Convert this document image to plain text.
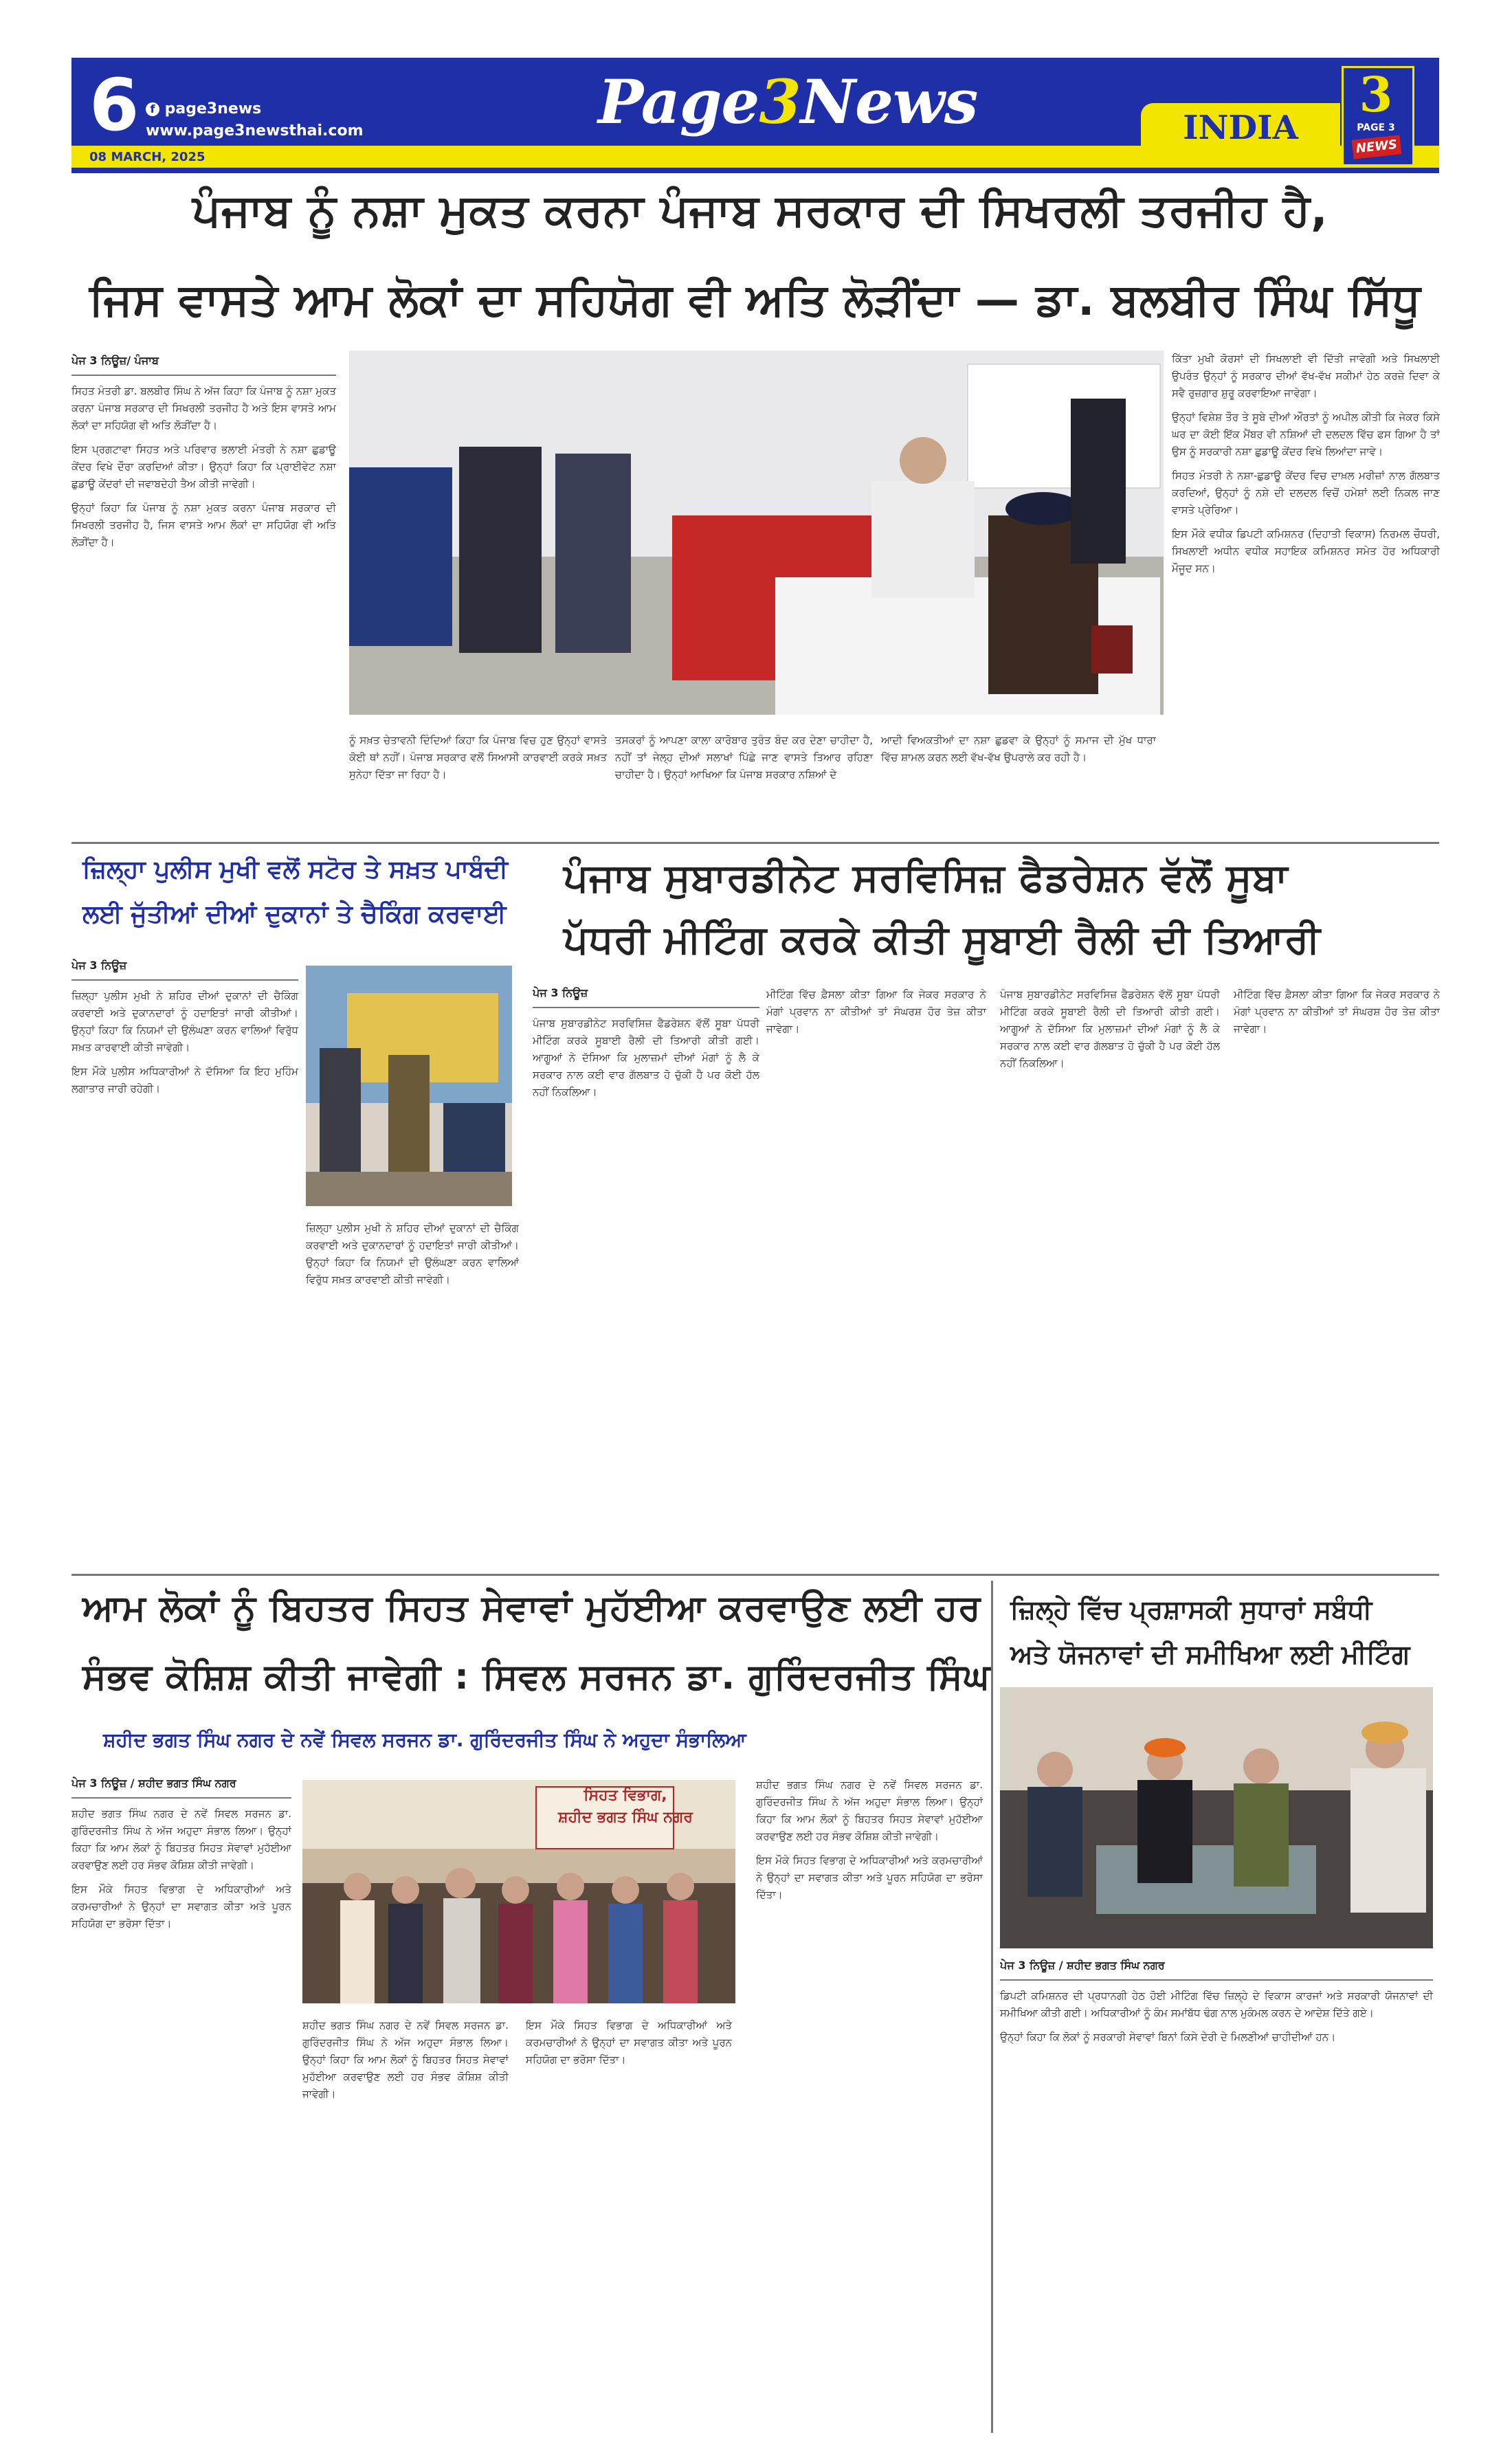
INDIA
6	f page3news
www.page3newsthai.com
08 MARCH, 2025
Page3News	3
PAGE 3
NEWS
ਪੰਜਾਬ ਨੂੰ ਨਸ਼ਾ ਮੁਕਤ ਕਰਨਾ ਪੰਜਾਬ ਸਰਕਾਰ ਦੀ ਸਿਖਰਲੀ ਤਰਜੀਹ ਹੈ,
ਜਿਸ ਵਾਸਤੇ ਆਮ ਲੋਕਾਂ ਦਾ ਸਹਿਯੋਗ ਵੀ ਅਤਿ ਲੋੜੀਂਦਾ — ਡਾ. ਬਲਬੀਰ ਸਿੰਘ ਸਿੱਧੂ
ਪੇਜ 3 ਨਿਊਜ਼/ ਪੰਜਾਬ

ਸਿਹਤ ਮੰਤਰੀ ਡਾ. ਬਲਬੀਰ ਸਿੰਘ ਨੇ ਅੱਜ ਕਿਹਾ ਕਿ ਪੰਜਾਬ ਨੂੰ ਨਸ਼ਾ ਮੁਕਤ ਕਰਨਾ ਪੰਜਾਬ ਸਰਕਾਰ ਦੀ ਸਿਖਰਲੀ ਤਰਜੀਹ ਹੈ ਅਤੇ ਇਸ ਵਾਸਤੇ ਆਮ ਲੋਕਾਂ ਦਾ ਸਹਿਯੋਗ ਵੀ ਅਤਿ ਲੋੜੀਂਦਾ ਹੈ।

ਇਸ ਪ੍ਰਗਟਾਵਾ ਸਿਹਤ ਅਤੇ ਪਰਿਵਾਰ ਭਲਾਈ ਮੰਤਰੀ ਨੇ ਨਸ਼ਾ ਛੁਡਾਊ ਕੇਂਦਰ ਵਿਖੇ ਦੌਰਾ ਕਰਦਿਆਂ ਕੀਤਾ। ਉਨ੍ਹਾਂ ਕਿਹਾ ਕਿ ਪ੍ਰਾਈਵੇਟ ਨਸ਼ਾ ਛੁਡਾਊ ਕੇਂਦਰਾਂ ਦੀ ਜਵਾਬਦੇਹੀ ਤੈਅ ਕੀਤੀ ਜਾਵੇਗੀ।

ਉਨ੍ਹਾਂ ਕਿਹਾ ਕਿ ਪੰਜਾਬ ਨੂੰ ਨਸ਼ਾ ਮੁਕਤ ਕਰਨਾ ਪੰਜਾਬ ਸਰਕਾਰ ਦੀ ਸਿਖਰਲੀ ਤਰਜੀਹ ਹੈ, ਜਿਸ ਵਾਸਤੇ ਆਮ ਲੋਕਾਂ ਦਾ ਸਹਿਯੋਗ ਵੀ ਅਤਿ ਲੋੜੀਂਦਾ ਹੈ।

ਨੂੰ ਸਖ਼ਤ ਚੇਤਾਵਨੀ ਦਿੰਦਿਆਂ ਕਿਹਾ ਕਿ ਪੰਜਾਬ ਵਿਚ ਹੁਣ ਉਨ੍ਹਾਂ ਵਾਸਤੇ ਕੋਈ ਥਾਂ ਨਹੀਂ। ਪੰਜਾਬ ਸਰਕਾਰ ਵਲੋਂ ਸਿਆਸੀ ਕਾਰਵਾਈ ਕਰਕੇ ਸਖ਼ਤ ਸੁਨੇਹਾ ਦਿੱਤਾ ਜਾ ਰਿਹਾ ਹੈ।

ਤਸਕਰਾਂ ਨੂੰ ਆਪਣਾ ਕਾਲਾ ਕਾਰੋਬਾਰ ਤੁਰੰਤ ਬੰਦ ਕਰ ਦੇਣਾ ਚਾਹੀਦਾ ਹੈ, ਨਹੀਂ ਤਾਂ ਜੇਲ੍ਹ ਦੀਆਂ ਸਲਾਖਾਂ ਪਿੱਛੇ ਜਾਣ ਵਾਸਤੇ ਤਿਆਰ ਰਹਿਣਾ ਚਾਹੀਦਾ ਹੈ। ਉਨ੍ਹਾਂ ਆਖਿਆ ਕਿ ਪੰਜਾਬ ਸਰਕਾਰ ਨਸ਼ਿਆਂ ਦੇ

ਆਦੀ ਵਿਅਕਤੀਆਂ ਦਾ ਨਸ਼ਾ ਛੁਡਵਾ ਕੇ ਉਨ੍ਹਾਂ ਨੂੰ ਸਮਾਜ ਦੀ ਮੁੱਖ ਧਾਰਾ ਵਿੱਚ ਸ਼ਾਮਲ ਕਰਨ ਲਈ ਵੱਖ-ਵੱਖ ਉਪਰਾਲੇ ਕਰ ਰਹੀ ਹੈ।

ਕਿੱਤਾ ਮੁਖੀ ਕੋਰਸਾਂ ਦੀ ਸਿਖਲਾਈ ਵੀ ਦਿੱਤੀ ਜਾਵੇਗੀ ਅਤੇ ਸਿਖਲਾਈ ਉਪਰੰਤ ਉਨ੍ਹਾਂ ਨੂੰ ਸਰਕਾਰ ਦੀਆਂ ਵੱਖ-ਵੱਖ ਸਕੀਮਾਂ ਹੇਠ ਕਰਜ਼ੇ ਦਿਵਾ ਕੇ ਸਵੈ ਰੁਜ਼ਗਾਰ ਸ਼ੁਰੂ ਕਰਵਾਇਆ ਜਾਵੇਗਾ।

ਉਨ੍ਹਾਂ ਵਿਸ਼ੇਸ਼ ਤੌਰ ਤੇ ਸੂਬੇ ਦੀਆਂ ਔਰਤਾਂ ਨੂੰ ਅਪੀਲ ਕੀਤੀ ਕਿ ਜੇਕਰ ਕਿਸੇ ਘਰ ਦਾ ਕੋਈ ਇੱਕ ਮੈਂਬਰ ਵੀ ਨਸ਼ਿਆਂ ਦੀ ਦਲਦਲ ਵਿੱਚ ਫਸ ਗਿਆ ਹੈ ਤਾਂ ਉਸ ਨੂੰ ਸਰਕਾਰੀ ਨਸ਼ਾ ਛੁਡਾਊ ਕੇਂਦਰ ਵਿਖੇ ਲਿਆਂਦਾ ਜਾਵੇ।

ਸਿਹਤ ਮੰਤਰੀ ਨੇ ਨਸ਼ਾ-ਛੁਡਾਊ ਕੇਂਦਰ ਵਿਚ ਦਾਖ਼ਲ ਮਰੀਜ਼ਾਂ ਨਾਲ ਗੱਲਬਾਤ ਕਰਦਿਆਂ, ਉਨ੍ਹਾਂ ਨੂੰ ਨਸ਼ੇ ਦੀ ਦਲਦਲ ਵਿਚੋਂ ਹਮੇਸ਼ਾਂ ਲਈ ਨਿਕਲ ਜਾਣ ਵਾਸਤੇ ਪ੍ਰੇਰਿਆ।

ਇਸ ਮੌਕੇ ਵਧੀਕ ਡਿਪਟੀ ਕਮਿਸ਼ਨਰ (ਦਿਹਾਤੀ ਵਿਕਾਸ) ਨਿਰਮਲ ਚੌਧਰੀ, ਸਿਖਲਾਈ ਅਧੀਨ ਵਧੀਕ ਸਹਾਇਕ ਕਮਿਸ਼ਨਰ ਸਮੇਤ ਹੋਰ ਅਧਿਕਾਰੀ ਮੌਜੂਦ ਸਨ।

ਜ਼ਿਲ੍ਹਾ ਪੁਲੀਸ ਮੁਖੀ ਵਲੋਂ ਸਟੋਰ ਤੇ ਸਖ਼ਤ ਪਾਬੰਦੀ
ਲਈ ਜੁੱਤੀਆਂ ਦੀਆਂ ਦੁਕਾਨਾਂ ਤੇ ਚੈਕਿੰਗ ਕਰਵਾਈ
ਪੇਜ 3 ਨਿਊਜ਼

ਜ਼ਿਲ੍ਹਾ ਪੁਲੀਸ ਮੁਖੀ ਨੇ ਸ਼ਹਿਰ ਦੀਆਂ ਦੁਕਾਨਾਂ ਦੀ ਚੈਕਿੰਗ ਕਰਵਾਈ ਅਤੇ ਦੁਕਾਨਦਾਰਾਂ ਨੂੰ ਹਦਾਇਤਾਂ ਜਾਰੀ ਕੀਤੀਆਂ। ਉਨ੍ਹਾਂ ਕਿਹਾ ਕਿ ਨਿਯਮਾਂ ਦੀ ਉਲੰਘਣਾ ਕਰਨ ਵਾਲਿਆਂ ਵਿਰੁੱਧ ਸਖ਼ਤ ਕਾਰਵਾਈ ਕੀਤੀ ਜਾਵੇਗੀ।

ਇਸ ਮੌਕੇ ਪੁਲੀਸ ਅਧਿਕਾਰੀਆਂ ਨੇ ਦੱਸਿਆ ਕਿ ਇਹ ਮੁਹਿੰਮ ਲਗਾਤਾਰ ਜਾਰੀ ਰਹੇਗੀ।

ਜ਼ਿਲ੍ਹਾ ਪੁਲੀਸ ਮੁਖੀ ਨੇ ਸ਼ਹਿਰ ਦੀਆਂ ਦੁਕਾਨਾਂ ਦੀ ਚੈਕਿੰਗ ਕਰਵਾਈ ਅਤੇ ਦੁਕਾਨਦਾਰਾਂ ਨੂੰ ਹਦਾਇਤਾਂ ਜਾਰੀ ਕੀਤੀਆਂ। ਉਨ੍ਹਾਂ ਕਿਹਾ ਕਿ ਨਿਯਮਾਂ ਦੀ ਉਲੰਘਣਾ ਕਰਨ ਵਾਲਿਆਂ ਵਿਰੁੱਧ ਸਖ਼ਤ ਕਾਰਵਾਈ ਕੀਤੀ ਜਾਵੇਗੀ।

ਪੰਜਾਬ ਸੁਬਾਰਡੀਨੇਟ ਸਰਵਿਸਿਜ਼ ਫੈਡਰੇਸ਼ਨ ਵੱਲੋਂ ਸੂਬਾ
ਪੱਧਰੀ ਮੀਟਿੰਗ ਕਰਕੇ ਕੀਤੀ ਸੂਬਾਈ ਰੈਲੀ ਦੀ ਤਿਆਰੀ
ਪੇਜ 3 ਨਿਊਜ਼

ਪੰਜਾਬ ਸੁਬਾਰਡੀਨੇਟ ਸਰਵਿਸਿਜ਼ ਫੈਡਰੇਸ਼ਨ ਵੱਲੋਂ ਸੂਬਾ ਪੱਧਰੀ ਮੀਟਿੰਗ ਕਰਕੇ ਸੂਬਾਈ ਰੈਲੀ ਦੀ ਤਿਆਰੀ ਕੀਤੀ ਗਈ। ਆਗੂਆਂ ਨੇ ਦੱਸਿਆ ਕਿ ਮੁਲਾਜ਼ਮਾਂ ਦੀਆਂ ਮੰਗਾਂ ਨੂੰ ਲੈ ਕੇ ਸਰਕਾਰ ਨਾਲ ਕਈ ਵਾਰ ਗੱਲਬਾਤ ਹੋ ਚੁੱਕੀ ਹੈ ਪਰ ਕੋਈ ਹੱਲ ਨਹੀਂ ਨਿਕਲਿਆ।

ਮੀਟਿੰਗ ਵਿੱਚ ਫ਼ੈਸਲਾ ਕੀਤਾ ਗਿਆ ਕਿ ਜੇਕਰ ਸਰਕਾਰ ਨੇ ਮੰਗਾਂ ਪ੍ਰਵਾਨ ਨਾ ਕੀਤੀਆਂ ਤਾਂ ਸੰਘਰਸ਼ ਹੋਰ ਤੇਜ਼ ਕੀਤਾ ਜਾਵੇਗਾ।

ਪੰਜਾਬ ਸੁਬਾਰਡੀਨੇਟ ਸਰਵਿਸਿਜ਼ ਫੈਡਰੇਸ਼ਨ ਵੱਲੋਂ ਸੂਬਾ ਪੱਧਰੀ ਮੀਟਿੰਗ ਕਰਕੇ ਸੂਬਾਈ ਰੈਲੀ ਦੀ ਤਿਆਰੀ ਕੀਤੀ ਗਈ। ਆਗੂਆਂ ਨੇ ਦੱਸਿਆ ਕਿ ਮੁਲਾਜ਼ਮਾਂ ਦੀਆਂ ਮੰਗਾਂ ਨੂੰ ਲੈ ਕੇ ਸਰਕਾਰ ਨਾਲ ਕਈ ਵਾਰ ਗੱਲਬਾਤ ਹੋ ਚੁੱਕੀ ਹੈ ਪਰ ਕੋਈ ਹੱਲ ਨਹੀਂ ਨਿਕਲਿਆ।

ਮੀਟਿੰਗ ਵਿੱਚ ਫ਼ੈਸਲਾ ਕੀਤਾ ਗਿਆ ਕਿ ਜੇਕਰ ਸਰਕਾਰ ਨੇ ਮੰਗਾਂ ਪ੍ਰਵਾਨ ਨਾ ਕੀਤੀਆਂ ਤਾਂ ਸੰਘਰਸ਼ ਹੋਰ ਤੇਜ਼ ਕੀਤਾ ਜਾਵੇਗਾ।

ਆਮ ਲੋਕਾਂ ਨੂੰ ਬਿਹਤਰ ਸਿਹਤ ਸੇਵਾਵਾਂ ਮੁਹੱਈਆ ਕਰਵਾਉਣ ਲਈ ਹਰ
ਸੰਭਵ ਕੋਸ਼ਿਸ਼ ਕੀਤੀ ਜਾਵੇਗੀ : ਸਿਵਲ ਸਰਜਨ ਡਾ. ਗੁਰਿੰਦਰਜੀਤ ਸਿੰਘ
ਸ਼ਹੀਦ ਭਗਤ ਸਿੰਘ ਨਗਰ ਦੇ ਨਵੇਂ ਸਿਵਲ ਸਰਜਨ ਡਾ. ਗੁਰਿੰਦਰਜੀਤ ਸਿੰਘ ਨੇ ਅਹੁਦਾ ਸੰਭਾਲਿਆ
ਪੇਜ 3 ਨਿਊਜ਼ / ਸ਼ਹੀਦ ਭਗਤ ਸਿੰਘ ਨਗਰ

ਸ਼ਹੀਦ ਭਗਤ ਸਿੰਘ ਨਗਰ ਦੇ ਨਵੇਂ ਸਿਵਲ ਸਰਜਨ ਡਾ. ਗੁਰਿੰਦਰਜੀਤ ਸਿੰਘ ਨੇ ਅੱਜ ਅਹੁਦਾ ਸੰਭਾਲ ਲਿਆ। ਉਨ੍ਹਾਂ ਕਿਹਾ ਕਿ ਆਮ ਲੋਕਾਂ ਨੂੰ ਬਿਹਤਰ ਸਿਹਤ ਸੇਵਾਵਾਂ ਮੁਹੱਈਆ ਕਰਵਾਉਣ ਲਈ ਹਰ ਸੰਭਵ ਕੋਸ਼ਿਸ਼ ਕੀਤੀ ਜਾਵੇਗੀ।

ਇਸ ਮੌਕੇ ਸਿਹਤ ਵਿਭਾਗ ਦੇ ਅਧਿਕਾਰੀਆਂ ਅਤੇ ਕਰਮਚਾਰੀਆਂ ਨੇ ਉਨ੍ਹਾਂ ਦਾ ਸਵਾਗਤ ਕੀਤਾ ਅਤੇ ਪੂਰਨ ਸਹਿਯੋਗ ਦਾ ਭਰੋਸਾ ਦਿੱਤਾ।

ਸਿਹਤ ਵਿਭਾਗ,
ਸ਼ਹੀਦ ਭਗਤ ਸਿੰਘ ਨਗਰ

ਸ਼ਹੀਦ ਭਗਤ ਸਿੰਘ ਨਗਰ ਦੇ ਨਵੇਂ ਸਿਵਲ ਸਰਜਨ ਡਾ. ਗੁਰਿੰਦਰਜੀਤ ਸਿੰਘ ਨੇ ਅੱਜ ਅਹੁਦਾ ਸੰਭਾਲ ਲਿਆ। ਉਨ੍ਹਾਂ ਕਿਹਾ ਕਿ ਆਮ ਲੋਕਾਂ ਨੂੰ ਬਿਹਤਰ ਸਿਹਤ ਸੇਵਾਵਾਂ ਮੁਹੱਈਆ ਕਰਵਾਉਣ ਲਈ ਹਰ ਸੰਭਵ ਕੋਸ਼ਿਸ਼ ਕੀਤੀ ਜਾਵੇਗੀ।

ਇਸ ਮੌਕੇ ਸਿਹਤ ਵਿਭਾਗ ਦੇ ਅਧਿਕਾਰੀਆਂ ਅਤੇ ਕਰਮਚਾਰੀਆਂ ਨੇ ਉਨ੍ਹਾਂ ਦਾ ਸਵਾਗਤ ਕੀਤਾ ਅਤੇ ਪੂਰਨ ਸਹਿਯੋਗ ਦਾ ਭਰੋਸਾ ਦਿੱਤਾ।

ਸ਼ਹੀਦ ਭਗਤ ਸਿੰਘ ਨਗਰ ਦੇ ਨਵੇਂ ਸਿਵਲ ਸਰਜਨ ਡਾ. ਗੁਰਿੰਦਰਜੀਤ ਸਿੰਘ ਨੇ ਅੱਜ ਅਹੁਦਾ ਸੰਭਾਲ ਲਿਆ। ਉਨ੍ਹਾਂ ਕਿਹਾ ਕਿ ਆਮ ਲੋਕਾਂ ਨੂੰ ਬਿਹਤਰ ਸਿਹਤ ਸੇਵਾਵਾਂ ਮੁਹੱਈਆ ਕਰਵਾਉਣ ਲਈ ਹਰ ਸੰਭਵ ਕੋਸ਼ਿਸ਼ ਕੀਤੀ ਜਾਵੇਗੀ।

ਇਸ ਮੌਕੇ ਸਿਹਤ ਵਿਭਾਗ ਦੇ ਅਧਿਕਾਰੀਆਂ ਅਤੇ ਕਰਮਚਾਰੀਆਂ ਨੇ ਉਨ੍ਹਾਂ ਦਾ ਸਵਾਗਤ ਕੀਤਾ ਅਤੇ ਪੂਰਨ ਸਹਿਯੋਗ ਦਾ ਭਰੋਸਾ ਦਿੱਤਾ।

ਜ਼ਿਲ੍ਹੇ ਵਿੱਚ ਪ੍ਰਸ਼ਾਸਕੀ ਸੁਧਾਰਾਂ ਸਬੰਧੀ
ਅਤੇ ਯੋਜਨਾਵਾਂ ਦੀ ਸਮੀਖਿਆ ਲਈ ਮੀਟਿੰਗ
ਪੇਜ 3 ਨਿਊਜ਼ / ਸ਼ਹੀਦ ਭਗਤ ਸਿੰਘ ਨਗਰ

ਡਿਪਟੀ ਕਮਿਸ਼ਨਰ ਦੀ ਪ੍ਰਧਾਨਗੀ ਹੇਠ ਹੋਈ ਮੀਟਿੰਗ ਵਿੱਚ ਜ਼ਿਲ੍ਹੇ ਦੇ ਵਿਕਾਸ ਕਾਰਜਾਂ ਅਤੇ ਸਰਕਾਰੀ ਯੋਜਨਾਵਾਂ ਦੀ ਸਮੀਖਿਆ ਕੀਤੀ ਗਈ। ਅਧਿਕਾਰੀਆਂ ਨੂੰ ਕੰਮ ਸਮਾਂਬੱਧ ਢੰਗ ਨਾਲ ਮੁਕੰਮਲ ਕਰਨ ਦੇ ਆਦੇਸ਼ ਦਿੱਤੇ ਗਏ।

ਉਨ੍ਹਾਂ ਕਿਹਾ ਕਿ ਲੋਕਾਂ ਨੂੰ ਸਰਕਾਰੀ ਸੇਵਾਵਾਂ ਬਿਨਾਂ ਕਿਸੇ ਦੇਰੀ ਦੇ ਮਿਲਣੀਆਂ ਚਾਹੀਦੀਆਂ ਹਨ।
